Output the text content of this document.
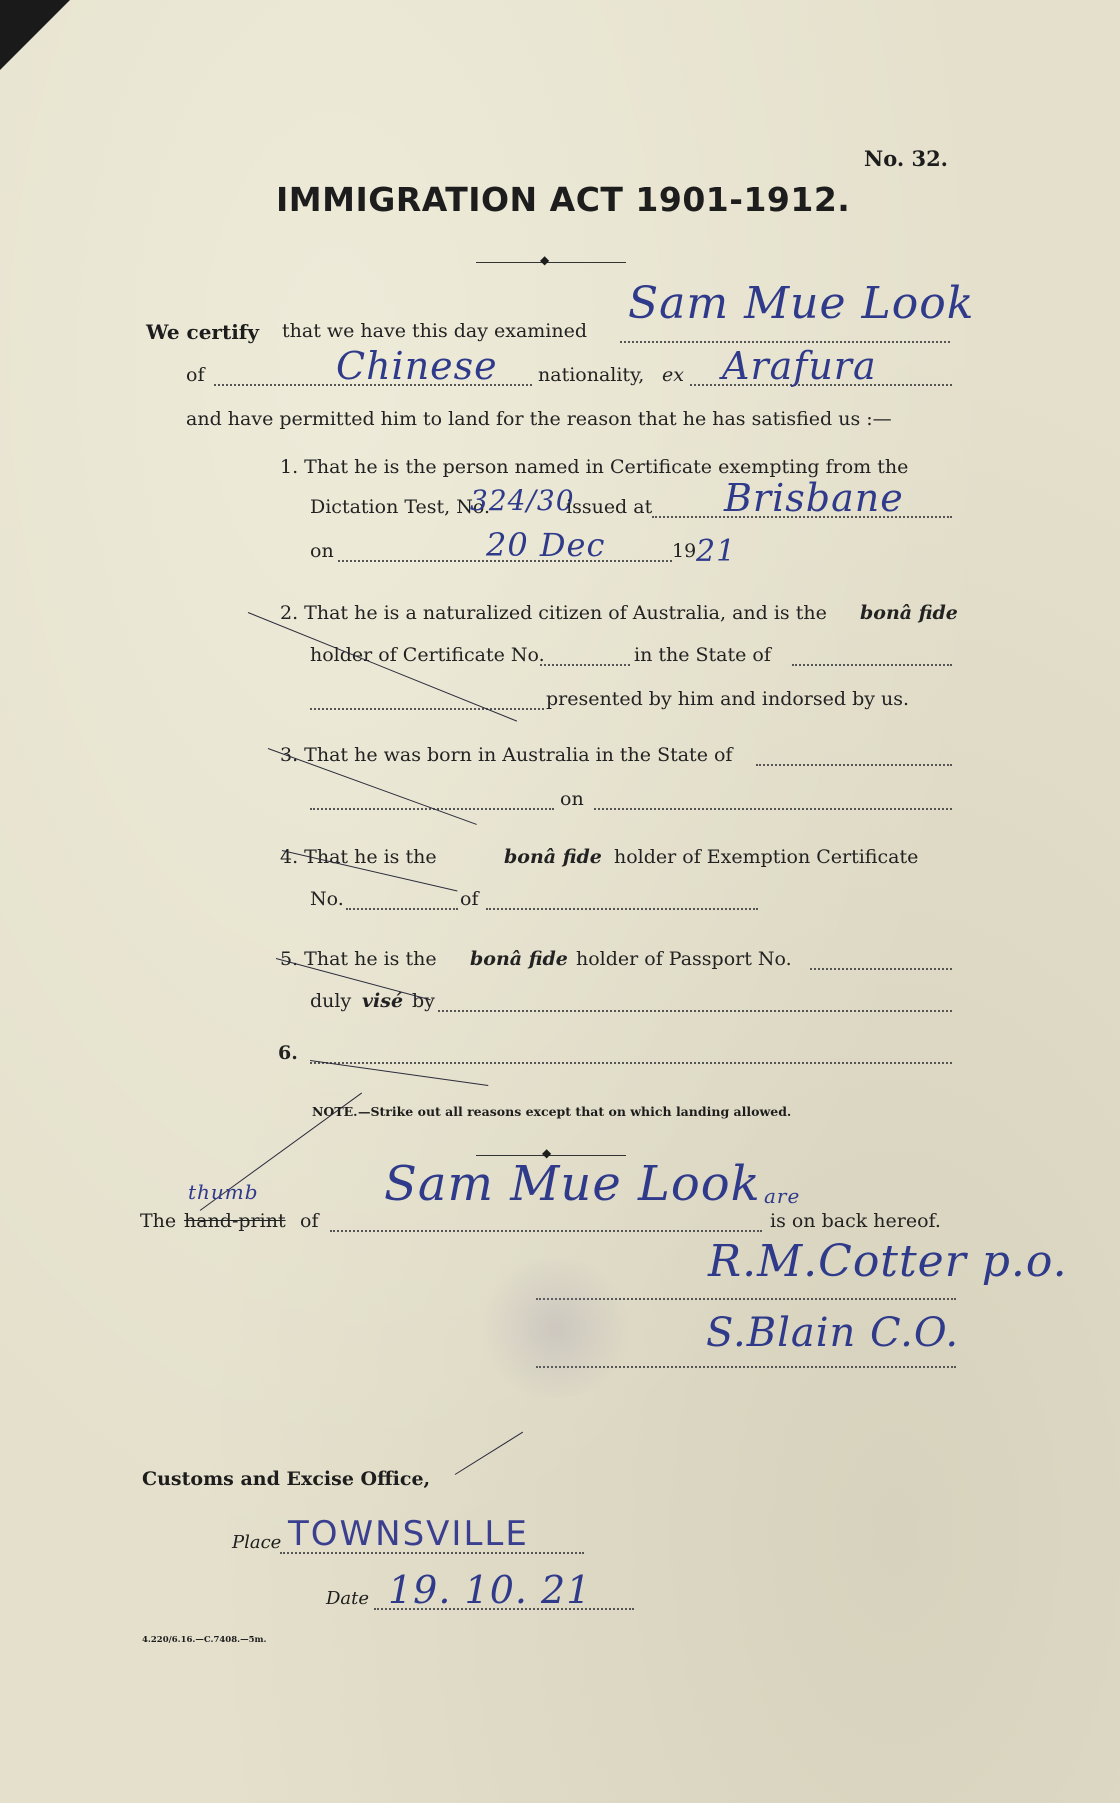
No. 32.
IMMIGRATION ACT 1901-1912.
◆
We certify that we have this day examined
Sam Mue Look
of	Chinese nationality, ex Arafura
and have permitted him to land for the reason that he has satisfied us :—
1. That he is the person named in Certificate exempting from the
Dictation Test, No.
324/30
issued at Brisbane
on	20 Dec	19 21
2. That he is a naturalized citizen of Australia, and is the bonâ fide
holder of Certificate No.	in the State of
presented by him and indorsed by us.
3. That he was born in Australia in the State of
on
4. That he is the	bonâ fide holder of Exemption Certificate
No.	of
5. That he is the bonâ fide holder of Passport No.
duly visé by
6.
NOTE. —Strike out all reasons except that on which landing allowed.
◆
The hand-print
thumb
of
Sam Mue Look are
is on back hereof.
R.M.Cotter p.o.
S.Blain C.O.
Customs and Excise Office,
Place TOWNSVILLE
Date 19. 10. 21
4.220/6.16.—C.7408.—5m.
